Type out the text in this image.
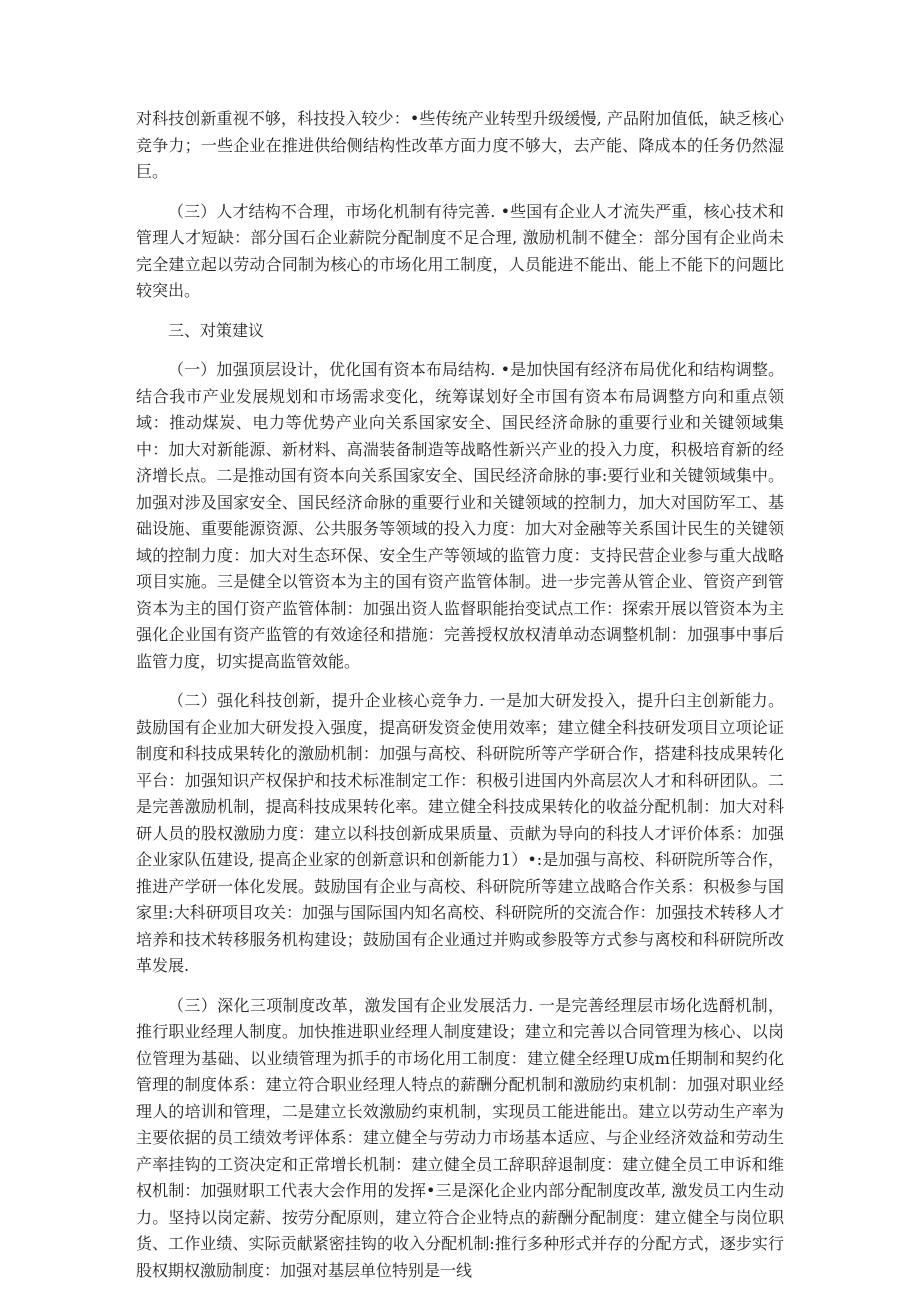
对科技创新重视不够，科技投入较少：•些传统产业转型升级缓慢, 产品附加值低，缺乏核心竞争力；一些企业在推进供给侧结构性改革方面力度不够大，去产能、降成本的任务仍然湿巨。

（三）人才结构不合理，市场化机制有待完善. •些国有企业人才流失严重，核心技术和管理人才短缺：部分国石企业薪院分配制度不足合理, 激励机制不健全：部分国有企业尚未完全建立起以劳动合同制为核心的市场化用工制度，人员能进不能出、能上不能下的问题比较突出。

三、对策建议

（一）加强顶层设计，优化国有资本布局结构. •是加快国有经济布局优化和结构调整。结合我市产业发展规划和市场需求变化，统筹谋划好全市国有资本布局调整方向和重点领域：推动煤炭、电力等优势产业向关系国家安全、国民经济命脉的重要行业和关键领域集中：加大对新能源、新材料、高湍装备制造等战略性新兴产业的投入力度，积极培育新的经济增长点。二是推动国有资本向关系国家安全、国民经济命脉的事:要行业和关键领域集中。加强对涉及国家安全、国民经济命脉的重要行业和关键领域的控制力，加大对国防军工、基础设施、重要能源资源、公共服务等领域的投入力度：加大对金融等关系国计民生的关键领域的控制力度：加大对生态环保、安全生产等领域的监管力度：支持民营企业参与重大战略项目实施。三是健全以管资本为主的国有资产监管体制。进一步完善从管企业、管资产到管资本为主的国仃资产监管体制：加强出资人监督职能抬变试点工作：探索开展以管资本为主强化企业国有资产监管的有效途径和措施：完善授权放权清单动态调整机制：加强事中事后监管力度，切实提高监管效能。

（二）强化科技创新，提升企业核心竞争力. 一是加大研发投入，提升臼主创新能力。鼓励国有企业加大研发投入强度，提高研发资金使用效率；建立健全科技研发项目立项论证制度和科技成果转化的激励机制：加强与高校、科研院所等产学研合作，搭建科技成果转化平台：加强知识产权保护和技术标准制定工作：积极引进国内外高层次人才和科研团队。二是完善激励机制，提高科技成果转化率。建立健全科技成果转化的收益分配机制：加大对科研人员的股权激励力度：建立以科技创新成果质量、贡献为导向的科技人才评价体系：加强企业家队伍建设, 提高企业家的创新意识和创新能力1）•:是加强与高校、科研院所等合作，推进产学研一体化发展。鼓励国有企业与高校、科研院所等建立战略合作关系：积极参与国家里:大科研项目攻关：加强与国际国内知名高校、科研院所的交流合作：加强技术转移人才培养和技术转移服务机构建设；鼓励国有企业通过并购或参股等方式参与离校和科研院所改革发展.

（三）深化三项制度改革，激发国有企业发展活力. 一是完善经理层市场化选酹机制，推行职业经理人制度。加快推进职业经理人制度建设；建立和完善以合同管理为核心、以岗位管理为基础、以业绩管理为抓手的市场化用工制度：建立健全经理U成m任期制和契约化管理的制度体系：建立符合职业经理人特点的薪酬分配机制和激励约束机制：加强对职业经理人的培训和管理，二是建立长效激励约束机制，实现员工能进能出。建立以劳动生产率为主要依据的员工绩效考评体系：建立健全与劳动力市场基本适应、与企业经济效益和劳动生产率挂钩的工资决定和正常增长机制：建立健全员工辞职辞退制度：建立健全员工申诉和维权机制：加强财职工代表大会作用的发挥•三是深化企业内部分配制度改革, 激发员工内生动力。坚持以岗定薪、按劳分配原则，建立符合企业特点的薪酬分配制度：建立健全与岗位职货、工作业绩、实际贡献紧密挂钩的收入分配机制:推行多种形式并存的分配方式，逐步实行股权期权激励制度：加强对基层单位特别是一线
